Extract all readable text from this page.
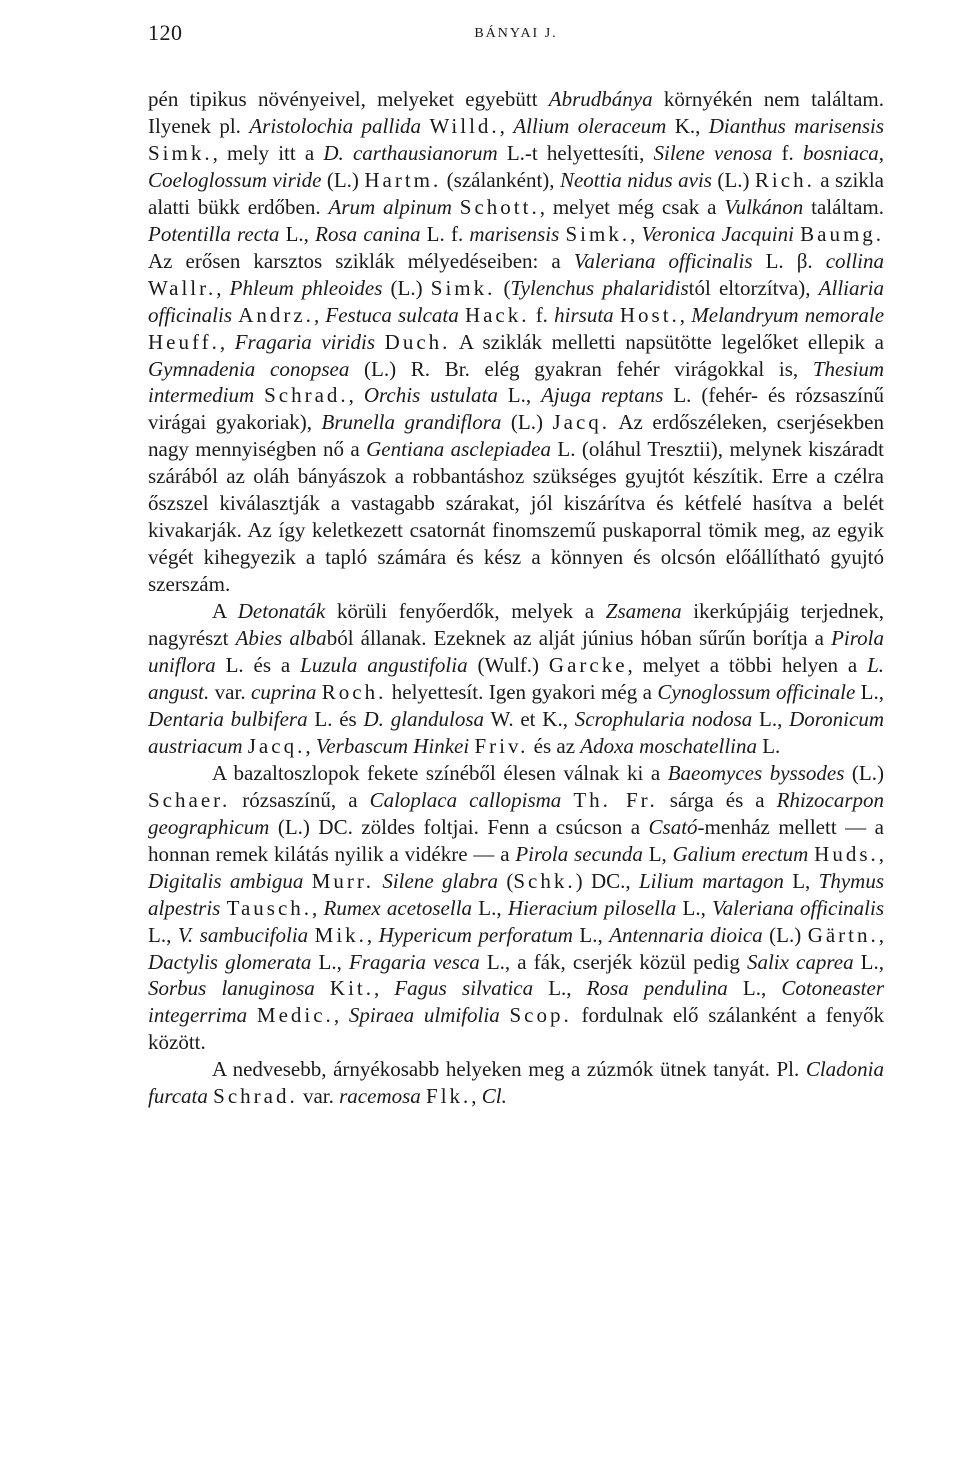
120	BÁNYAI J.

pén tipikus növényeivel, melyeket egyebütt Abrudbánya környékén nem találtam. Ilyenek pl. Aristolochia pallida Willd., Allium oleraceum K., Dianthus marisensis Simk., mely itt a D. carthausianorum L.-t helyettesíti, Silene venosa f. bosniaca, Coeloglossum viride (L.) Hartm. (szálanként), Neottia nidus avis (L.) Rich. a szikla alatti bükk erdőben. Arum alpinum Schott., melyet még csak a Vulkánon találtam. Potentilla recta L., Rosa canina L. f. marisensis Simk., Veronica Jacquini Baumg. Az erősen karsztos sziklák mélyedéseiben: a Valeriana officinalis L. β. collina Wallr., Phleum phleoides (L.) Simk. (Tylenchus phalaridistól eltorzítva), Alliaria officinalis Andrz., Festuca sulcata Hack. f. hirsuta Host., Melandryum nemorale Heuff., Fragaria viridis Duch. A sziklák melletti napsütötte legelőket ellepik a Gymnadenia conopsea (L.) R. Br. elég gyakran fehér virágokkal is, Thesium intermedium Schrad., Orchis ustulata L., Ajuga reptans L. (fehér- és rózsaszínű virágai gyakoriak), Brunella grandiflora (L.) Jacq. Az erdőszéleken, cserjésekben nagy mennyiségben nő a Gentiana asclepiadea L. (oláhul Tresztii), melynek kiszáradt szárából az oláh bányászok a robbantáshoz szükséges gyujtót készítik. Erre a czélra őszszel kiválasztják a vastagabb szárakat, jól kiszárítva és kétfelé hasítva a belét kivakarják. Az így keletkezett csatornát finomszemű puskaporral tömik meg, az egyik végét kihegyezik a tapló számára és kész a könnyen és olcsón előállítható gyujtó szerszám.

A Detonaták körüli fenyőerdők, melyek a Zsamena ikerkúpjáig terjednek, nagyrészt Abies albaból állanak. Ezeknek az alját június hóban sűrűn borítja a Pirola uniflora L. és a Luzula angustifolia (Wulf.) Garcke, melyet a többi helyen a L. angust. var. cuprina Roch. helyettesít. Igen gyakori még a Cynoglossum officinale L., Dentaria bulbifera L. és D. glandulosa W. et K., Scrophularia nodosa L., Doronicum austriacum Jacq., Verbascum Hinkei Friv. és az Adoxa moschatellina L.

A bazaltoszlopok fekete színéből élesen válnak ki a Baeomyces byssodes (L.) Schaer. rózsaszínű, a Caloplaca callopisma Th. Fr. sárga és a Rhizocarpon geographicum (L.) DC. zöldes foltjai. Fenn a csúcson a Csató-menház mellett — a honnan remek kilátás nyilik a vidékre — a Pirola secunda L, Galium erectum Huds., Digitalis ambigua Murr. Silene glabra (Schk.) DC., Lilium martagon L, Thymus alpestris Tausch., Rumex acetosella L., Hieracium pilosella L., Valeriana officinalis L., V. sambucifolia Mik., Hypericum perforatum L., Antennaria dioica (L.) Gärtn., Dactylis glomerata L., Fragaria vesca L., a fák, cserjék közül pedig Salix caprea L., Sorbus lanuginosa Kit., Fagus silvatica L., Rosa pendulina L., Cotoneaster integerrima Medic., Spiraea ulmifolia Scop. fordulnak elő szálanként a fenyők között.

A nedvesebb, árnyékosabb helyeken meg a zúzmók ütnek tanyát. Pl. Cladonia furcata Schrad. var. racemosa Flk., Cl.
